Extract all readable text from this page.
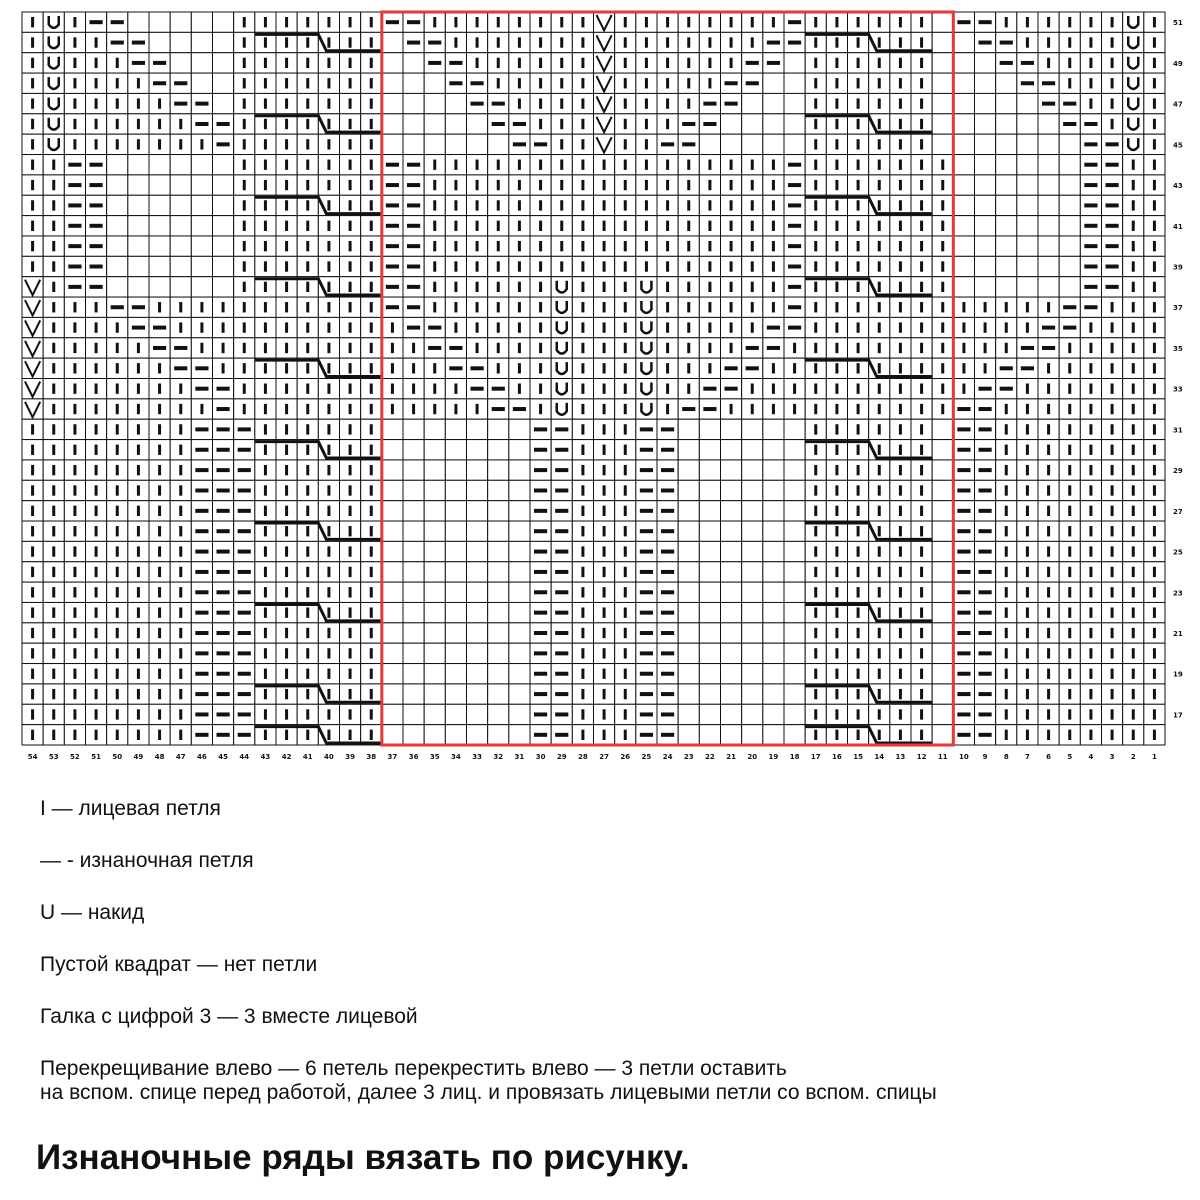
51
49
47
45
43
41
39
37
35
33
31
29
27
25
23
21
19
17
54 53 52 51 50 49 48 47 46 45 44 43 42 41 40 39 38 37 36 35 34 33 32 31 30 29 28 27 26 25 24 23 22 21 20 19 18 17 16 15 14 13 12 11 10 9 8 7 6 5 4 3 2 1

I — лицевая петля

— - изнаночная петля

U — накид

Пустой квадрат — нет петли

Галка с цифрой 3 — 3 вместе лицевой

Перекрещивание влево — 6 петель перекрестить влево — 3 петли оставить

на вспом. спице перед работой, далее 3 лиц. и провязать лицевыми петли со вспом. спицы

Изнаночные ряды вязать по рисунку.
